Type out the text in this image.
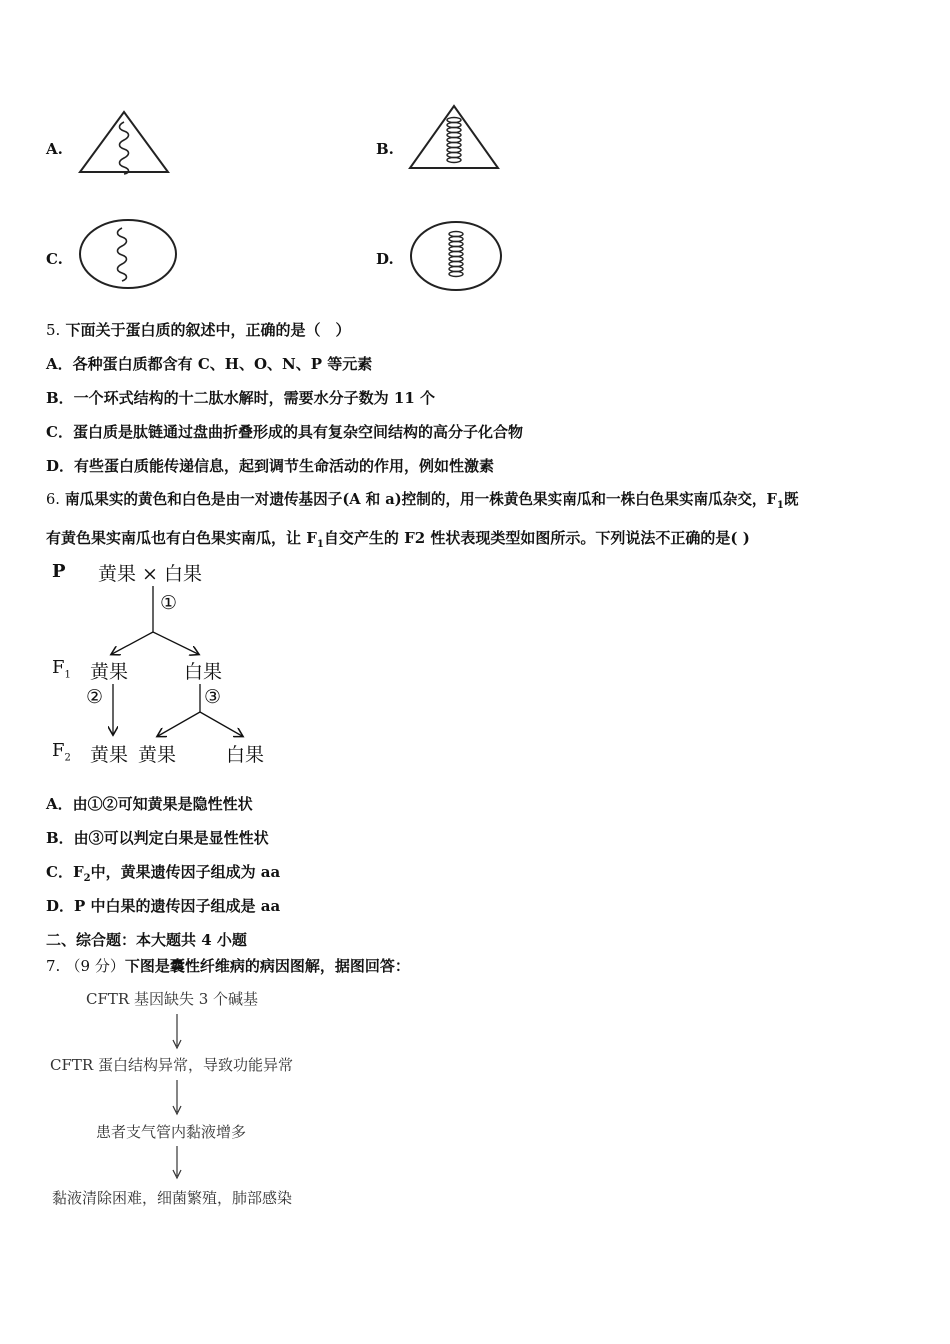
A.	B.
C.	D.
5. 下面关于蛋白质的叙述中，正确的是（　）
A．各种蛋白质都含有 C、H、O、N、P 等元素
B．一个环式结构的十二肽水解时，需要水分子数为 11 个
C．蛋白质是肽链通过盘曲折叠形成的具有复杂空间结构的高分子化合物
D．有些蛋白质能传递信息，起到调节生命活动的作用，例如性激素
6. 南瓜果实的黄色和白色是由一对遗传基因子(A 和 a)控制的，用一株黄色果实南瓜和一株白色果实南瓜杂交，$F_1$既
有黄色果实南瓜也有白色果实南瓜，让 $F_1$自交产生的 F2 性状表现类型如图所示。下列说法不正确的是( )
P 黄果 × 白果
①
$F_1$ 黄果	白果
②	③
$F_2$ 黄果 黄果	白果
A．由①②可知黄果是隐性性状
B．由③可以判定白果是显性性状
C．$F_2$中，黄果遗传因子组成为 aa
D．P 中白果的遗传因子组成是 aa
二、综合题：本大题共 4 小题
7. （9 分）下图是囊性纤维病的病因图解，据图回答：
CFTR 基因缺失 3 个碱基
CFTR 蛋白结构异常，导致功能异常
患者支气管内黏液增多
黏液清除困难，细菌繁殖，肺部感染
